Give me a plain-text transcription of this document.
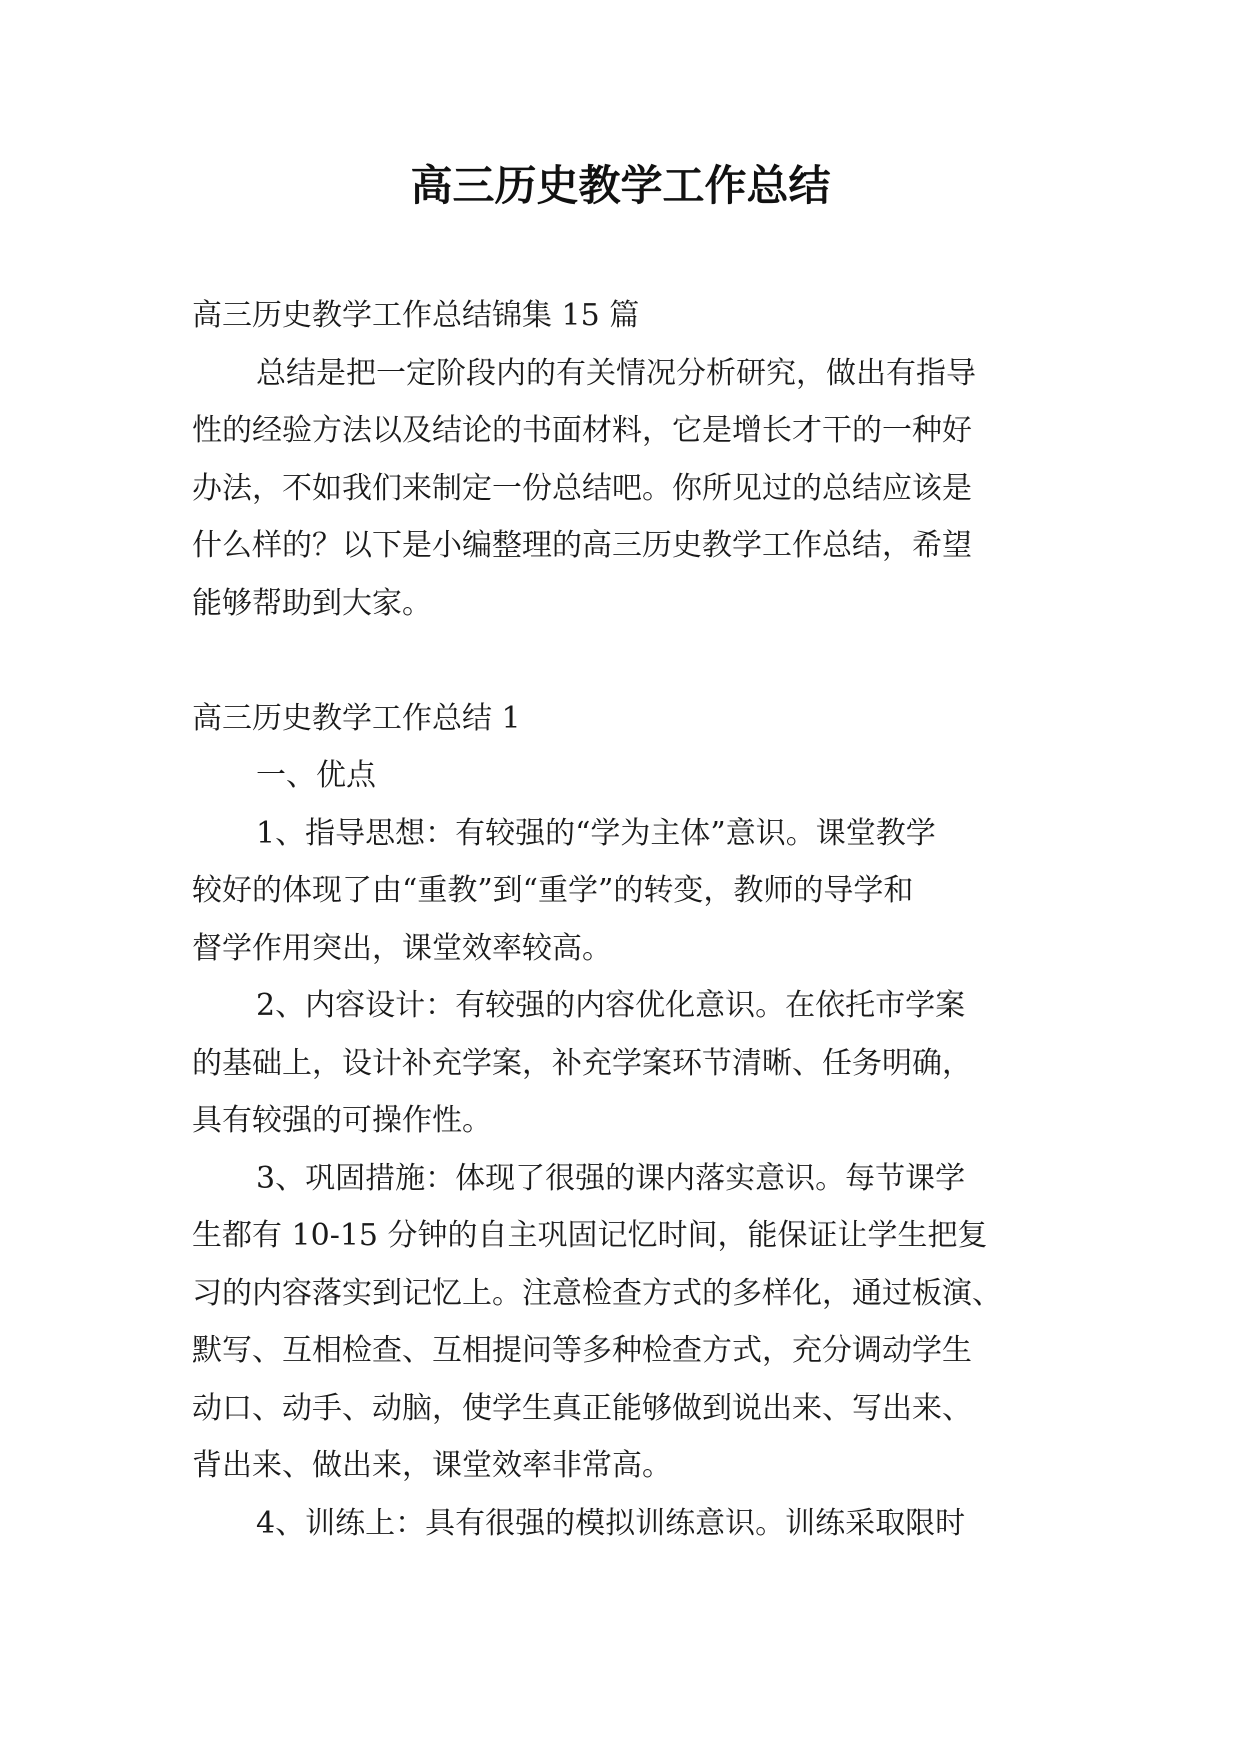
高三历史教学工作总结
高三历史教学工作总结锦集 15 篇
总结是把一定阶段内的有关情况分析研究，做出有指导
性的经验方法以及结论的书面材料，它是增长才干的一种好
办法，不如我们来制定一份总结吧。你所见过的总结应该是
什么样的？以下是小编整理的高三历史教学工作总结，希望
能够帮助到大家。
高三历史教学工作总结 1
一、优点
1、指导思想：有较强的“学为主体”意识。课堂教学
较好的体现了由“重教”到“重学”的转变，教师的导学和
督学作用突出，课堂效率较高。
2、内容设计：有较强的内容优化意识。在依托市学案
的基础上，设计补充学案，补充学案环节清晰、任务明确，
具有较强的可操作性。
3、巩固措施：体现了很强的课内落实意识。每节课学
生都有 10-15 分钟的自主巩固记忆时间，能保证让学生把复
习的内容落实到记忆上。注意检查方式的多样化，通过板演、
默写、互相检查、互相提问等多种检查方式，充分调动学生
动口、动手、动脑，使学生真正能够做到说出来、写出来、
背出来、做出来，课堂效率非常高。
4、训练上：具有很强的模拟训练意识。训练采取限时
